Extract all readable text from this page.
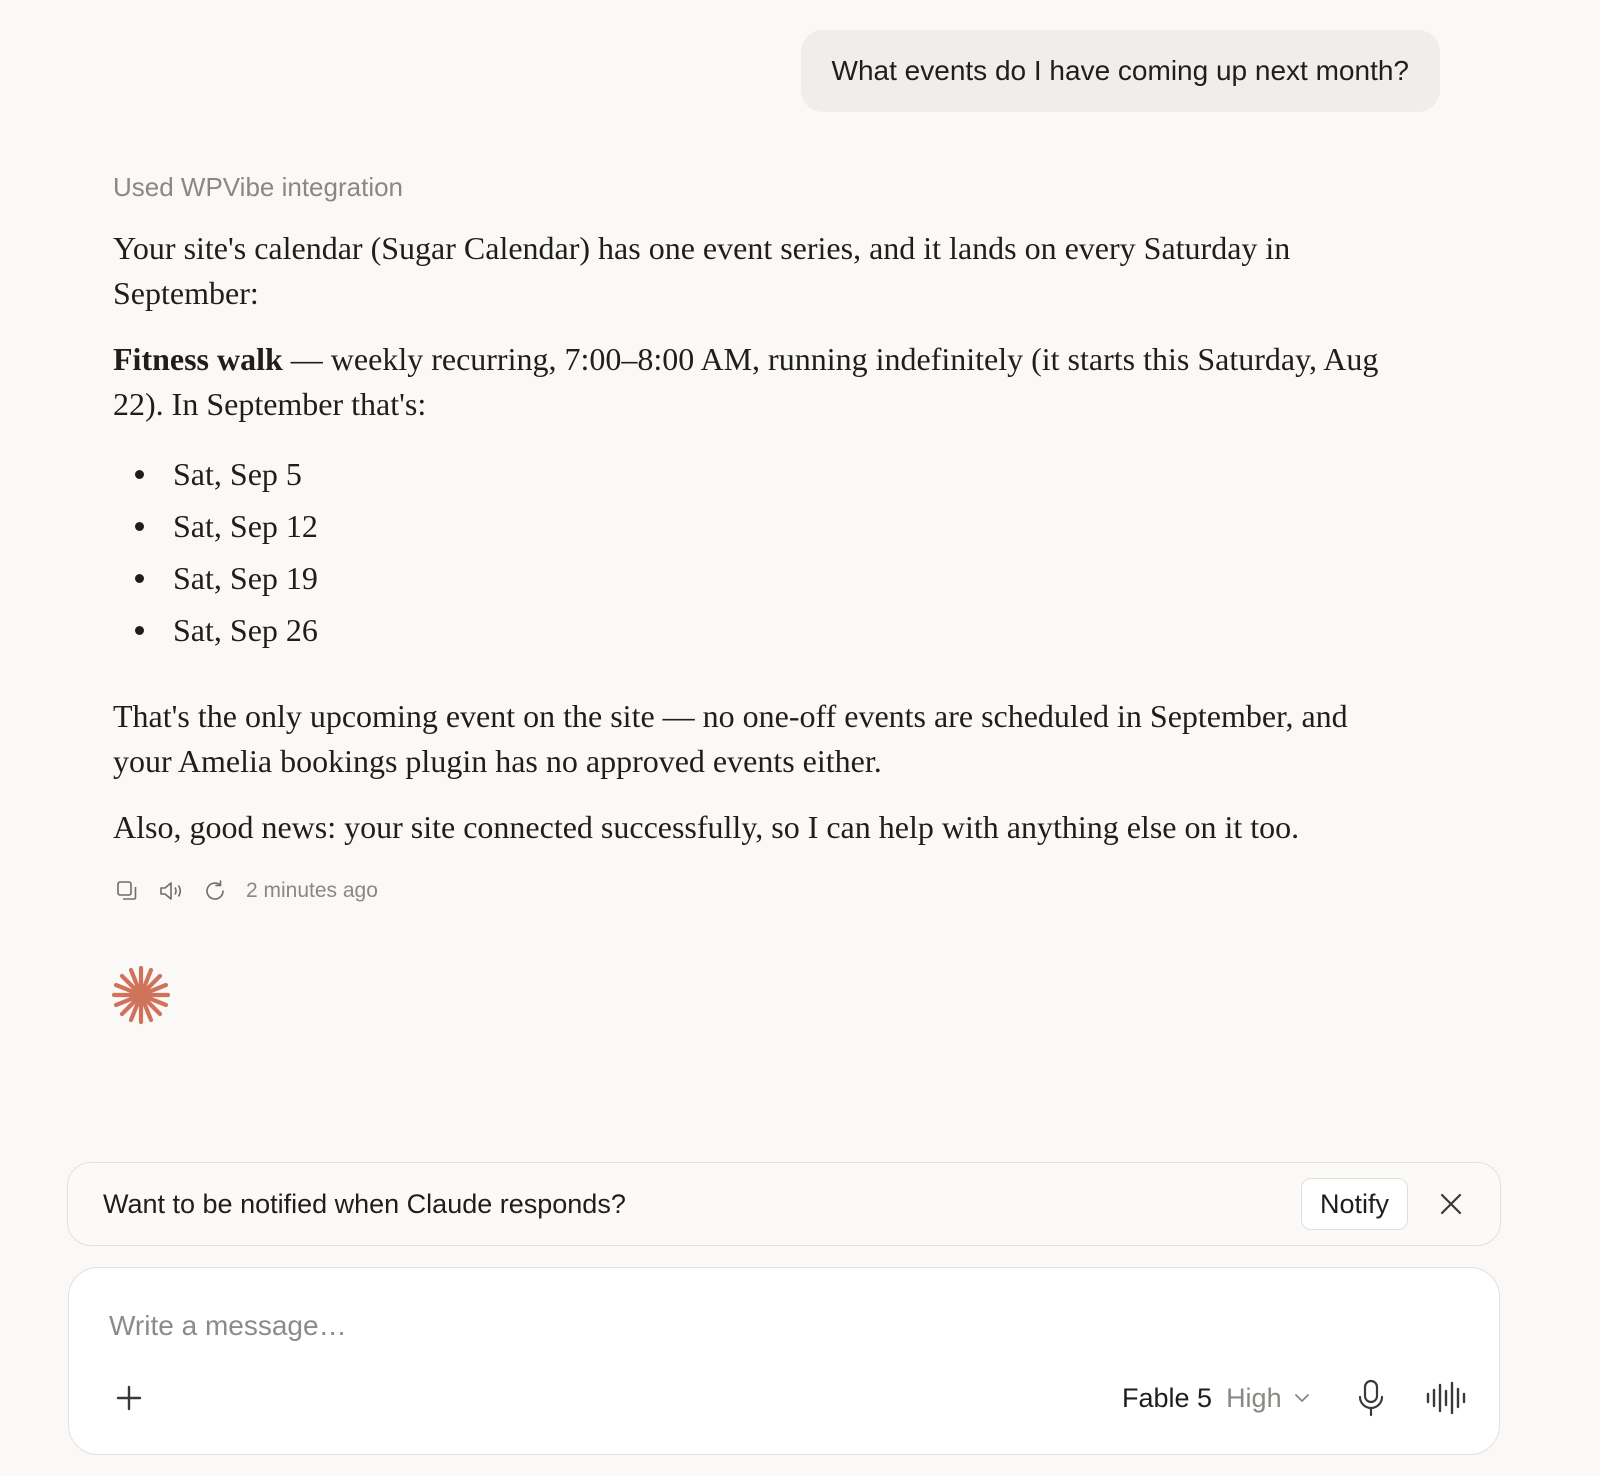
What events do I have coming up next month?
Used WPVibe integration

Your site's calendar (Sugar Calendar) has one event series, and it lands on every Saturday in September:

Fitness walk — weekly recurring, 7:00–8:00 AM, running indefinitely (it starts this Saturday, Aug 22). In September that's:

Sat, Sep 5
Sat, Sep 12
Sat, Sep 19
Sat, Sep 26

That's the only upcoming event on the site — no one-off events are scheduled in September, and your Amelia bookings plugin has no approved events either.

Also, good news: your site connected successfully, so I can help with anything else on it too.

2 minutes ago
Want to be notified when Claude responds?	Notify
Write a message…
Fable 5 High
